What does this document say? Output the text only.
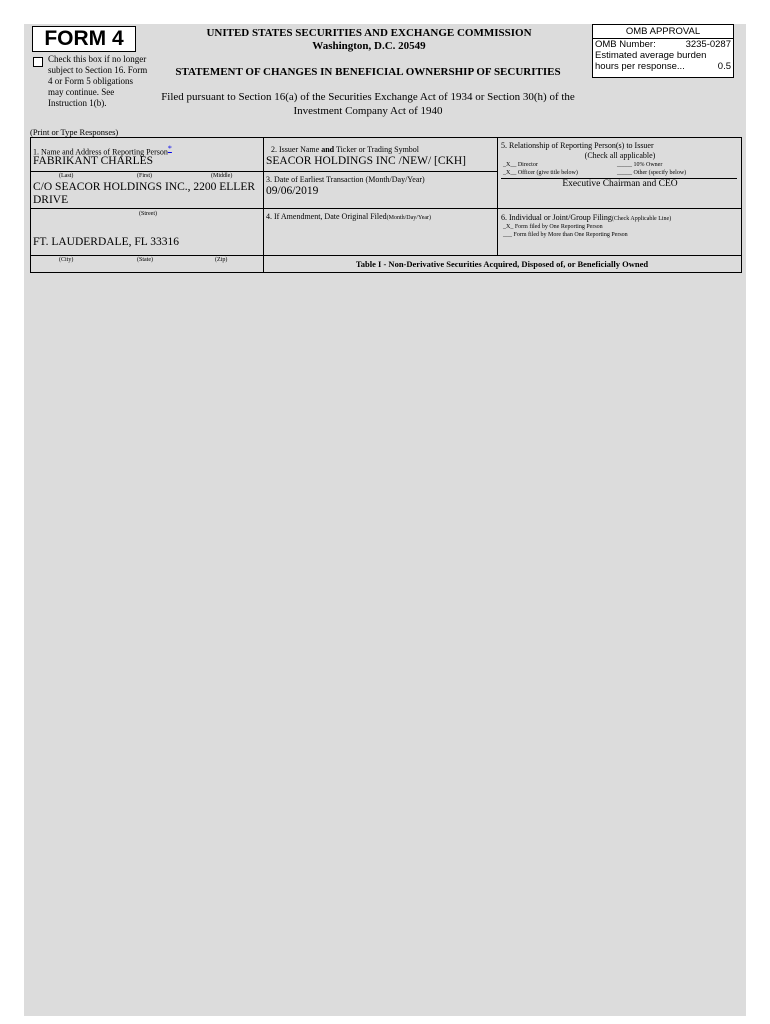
FORM 4
Check this box if no longer subject to Section 16. Form 4 or Form 5 obligations may continue. See Instruction 1(b).
UNITED STATES SECURITIES AND EXCHANGE COMMISSION
Washington, D.C. 20549
STATEMENT OF CHANGES IN BENEFICIAL OWNERSHIP OF SECURITIES
Filed pursuant to Section 16(a) of the Securities Exchange Act of 1934 or Section 30(h) of the
Investment Company Act of 1940
OMB APPROVAL
OMB Number:	3235-0287
Estimated average burden
hours per response...	0.5
(Print or Type Responses)
1. Name and Address of Reporting Person*
FABRIKANT CHARLES
(Last)	(First)	(Middle)
C/O SEACOR HOLDINGS INC., 2200 ELLER
DRIVE
(Street)
FT. LAUDERDALE, FL 33316
(City)	(State)	(Zip)
2. Issuer Name and Ticker or Trading Symbol
SEACOR HOLDINGS INC /NEW/ [CKH]
3. Date of Earliest Transaction (Month/Day/Year)
09/06/2019
4. If Amendment, Date Original Filed(Month/Day/Year)
5. Relationship of Reporting Person(s) to Issuer
(Check all applicable)
_X__ Director	_____ 10% Owner
_X__ Officer (give title below)	_____ Other (specify below)
Executive Chairman and CEO
6. Individual or Joint/Group Filing(Check Applicable Line)
_X_ Form filed by One Reporting Person
___ Form filed by More than One Reporting Person
Table I - Non-Derivative Securities Acquired, Disposed of, or Beneficially Owned
